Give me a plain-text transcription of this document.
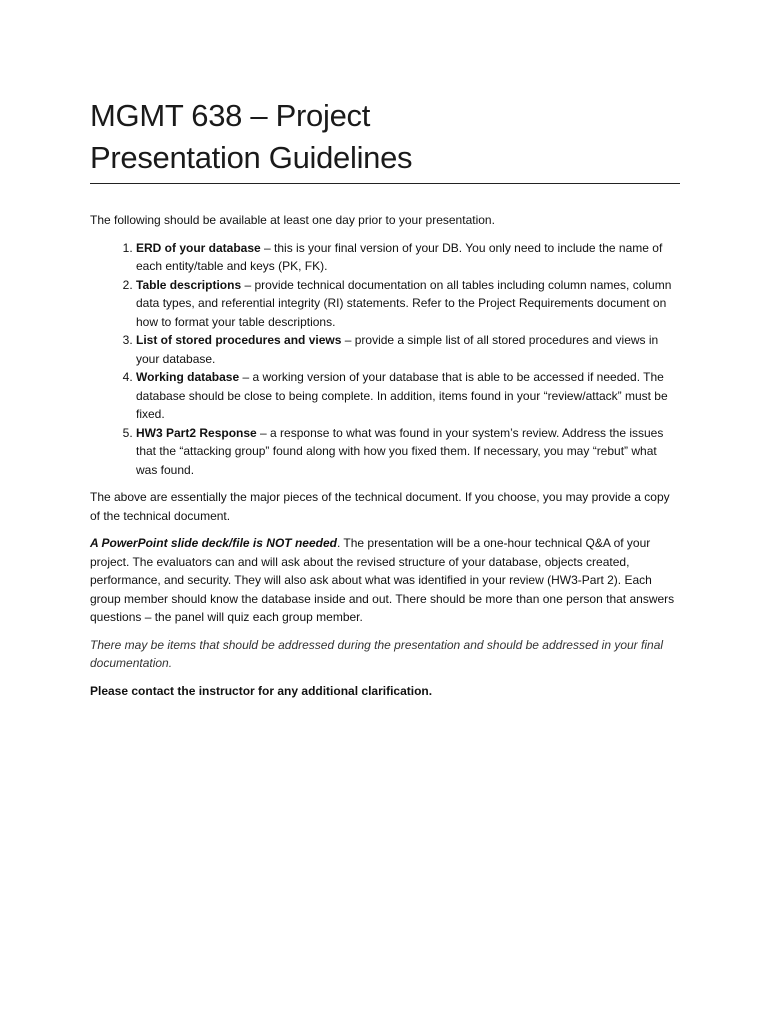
MGMT 638 – Project
Presentation Guidelines

The following should be available at least one day prior to your presentation.

1. ERD of your database – this is your final version of your DB. You only need to include the name of each entity/table and keys (PK, FK).
2. Table descriptions – provide technical documentation on all tables including column names, column data types, and referential integrity (RI) statements. Refer to the Project Requirements document on how to format your table descriptions.
3. List of stored procedures and views – provide a simple list of all stored procedures and views in your database.
4. Working database – a working version of your database that is able to be accessed if needed. The database should be close to being complete. In addition, items found in your “review/attack” must be fixed.
5. HW3 Part2 Response – a response to what was found in your system’s review. Address the issues that the “attacking group” found along with how you fixed them. If necessary, you may “rebut” what was found.

The above are essentially the major pieces of the technical document. If you choose, you may provide a copy of the technical document.

A PowerPoint slide deck/file is NOT needed. The presentation will be a one-hour technical Q&A of your project. The evaluators can and will ask about the revised structure of your database, objects created, performance, and security. They will also ask about what was identified in your review (HW3-Part 2). Each group member should know the database inside and out. There should be more than one person that answers questions – the panel will quiz each group member.

There may be items that should be addressed during the presentation and should be addressed in your final documentation.

Please contact the instructor for any additional clarification.
